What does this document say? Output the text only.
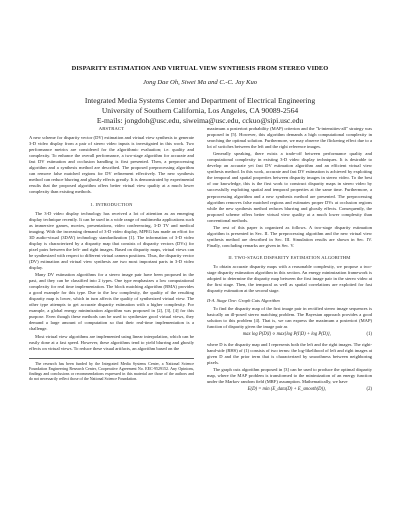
DISPARITY ESTIMATION AND VIRTUAL VIEW SYNTHESIS FROM STEREO VIDEO
Jong Dae Oh, Siwei Ma and C.-C. Jay Kuo
Integrated Media Systems Center and Department of Electrical Engineering
University of Southern California, Los Angeles, CA 90089-2564
E-mails: jongdoh@usc.edu, siweima@usc.edu, cckuo@sipi.usc.edu
ABSTRACT

A new scheme for disparity vector (DV) estimation and virtual view synthesis to generate 3-D video display from a pair of stereo video inputs is investigated in this work. Two performance metrics are considered for the algorithmic evaluation; i.e. quality and complexity. To enhance the overall performance, a two-stage algorithm for accurate and fast DV estimation and occlusion handling is first presented. Then, a preprocessing algorithm and a synthesis method are described. The proposed preprocessing algorithm can remove false matched regions for DV refinement effectively. The new synthesis method can reduce blurring and ghostly effects greatly. It is demonstrated by experimental results that the proposed algorithm offers better virtual view quality at a much lower complexity than existing methods.

1. INTRODUCTION

The 3-D video display technology has received a lot of attention as an emerging display technique recently. It can be used in a wide range of multimedia applications such as immersive games, movies, presentations, video conferencing, 3-D TV and medical imaging. With the increasing demand of 3-D video display, MPEG has made an effort for 3D audio-visual (3DAV) technology standardization [1]. The information of 3-D video display is characterized by a disparity map that consists of disparity vectors (DVs) for pixel pairs between the left- and right images. Based on disparity maps, virtual views can be synthesized with respect to different virtual camera positions. Thus, the disparity vector (DV) estimation and virtual view synthesis are two most important parts in 3-D video display.

Many DV estimation algorithms for a stereo image pair have been proposed in the past, and they can be classified into 2 types. One type emphasizes a low computational complexity for real time implementation. The block matching algorithm (BMA) provides a good example for this type. Due to the low complexity, the quality of the resulting disparity map is lower, which in turn affects the quality of synthesized virtual view. The other type attempts to get accurate disparity estimation with a higher complexity. For example, a global energy minimization algorithm was proposed in [2], [3], [4] for this purpose. Even though these methods can be used to synthesize good virtual views, they demand a large amount of computation so that their real-time implementation is a challenge.

Most virtual view algorithms are implemented using linear interpolation, which can be easily done at a fast speed. However, these algorithms tend to yield blurring and ghostly effects on virtual views. To reduce these visual artifacts, an algorithm based on the

The research has been funded by the Integrated Media Systems Center, a National Science Foundation Engineering Research Center, Cooperative Agreement No. EEC-9529152. Any Opinions, findings and conclusions or recommendations expressed in this material are those of the authors and do not necessarily reflect those of the National Science Foundation.

maximum a posteriori probability (MAP) criterion and the "k-intensities-all" strategy was proposed in [5]. However, this algorithm demands a high computational complexity in searching the optimal solution. Furthermore, we may observe the flickering effect due to a lot of switches between the left and the right reference images.

Generally speaking, there exists a trade-off between performance quality and computational complexity in existing 3-D video display techniques. It is desirable to develop an accurate yet fast DV estimation algorithm and an efficient virtual view synthesis method. In this work, accurate and fast DV estimation is achieved by exploiting the temporal and spatial properties between disparity images in stereo video. To the best of our knowledge, this is the first work to construct disparity maps in stereo video by successfully exploiting spatial and temporal properties at the same time. Furthermore, a preprocessing algorithm and a new synthesis method are presented. The preprocessing algorithm removes false matched regions and estimates proper DVs at occlusion regions while the new synthesis method reduces blurring and ghostly effects. Consequently, the proposed scheme offers better virtual view quality at a much lower complexity than conventional methods.

The rest of this paper is organized as follows. A two-stage disparity estimation algorithm is presented in Sec. II. The preprocessing algorithm and the new virtual view synthesis method are described in Sec. III. Simulation results are shown in Sec. IV. Finally, concluding remarks are given in Sec. V.

II. TWO-STAGE DISPARITY ESTIMATION ALGORITHM

To obtain accurate disparity maps with a reasonable complexity, we propose a two-stage disparity estimation algorithm in this section. An energy minimization framework is adopted to determine the disparity map between the first image pair in the stereo video at the first stage. Then, the temporal as well as spatial correlations are exploited for fast disparity estimation at the second stage.

II-A. Stage One: Graph Cuts Algorithm

To find the disparity map of the first image pair in rectified stereo image sequences is basically an ill-posed stereo matching problem. The Bayesian approach provides a good solution to this problem [4]. That is, we can express the maximum a posteriori (MAP) function of disparity given the image pair as

max log P(D|I) ∝ max{log P(I|D) + log P(D)},	(1)

where D is the disparity map and I represents both the left and the right images. The right-hand-side (RHS) of (1) consists of two terms: the log-likelihood of left and right images at given D and the prior term that is characterized by smoothness between neighboring pixels.

The graph cuts algorithm proposed in [3] can be used to produce the optimal disparity map, where the MAP problem is transformed to the minimization of an energy function under the Markov random field (MRF) assumption. Mathematically, we have

E(D) = min (E_data(D) + E_smooth(D)),	(2)
